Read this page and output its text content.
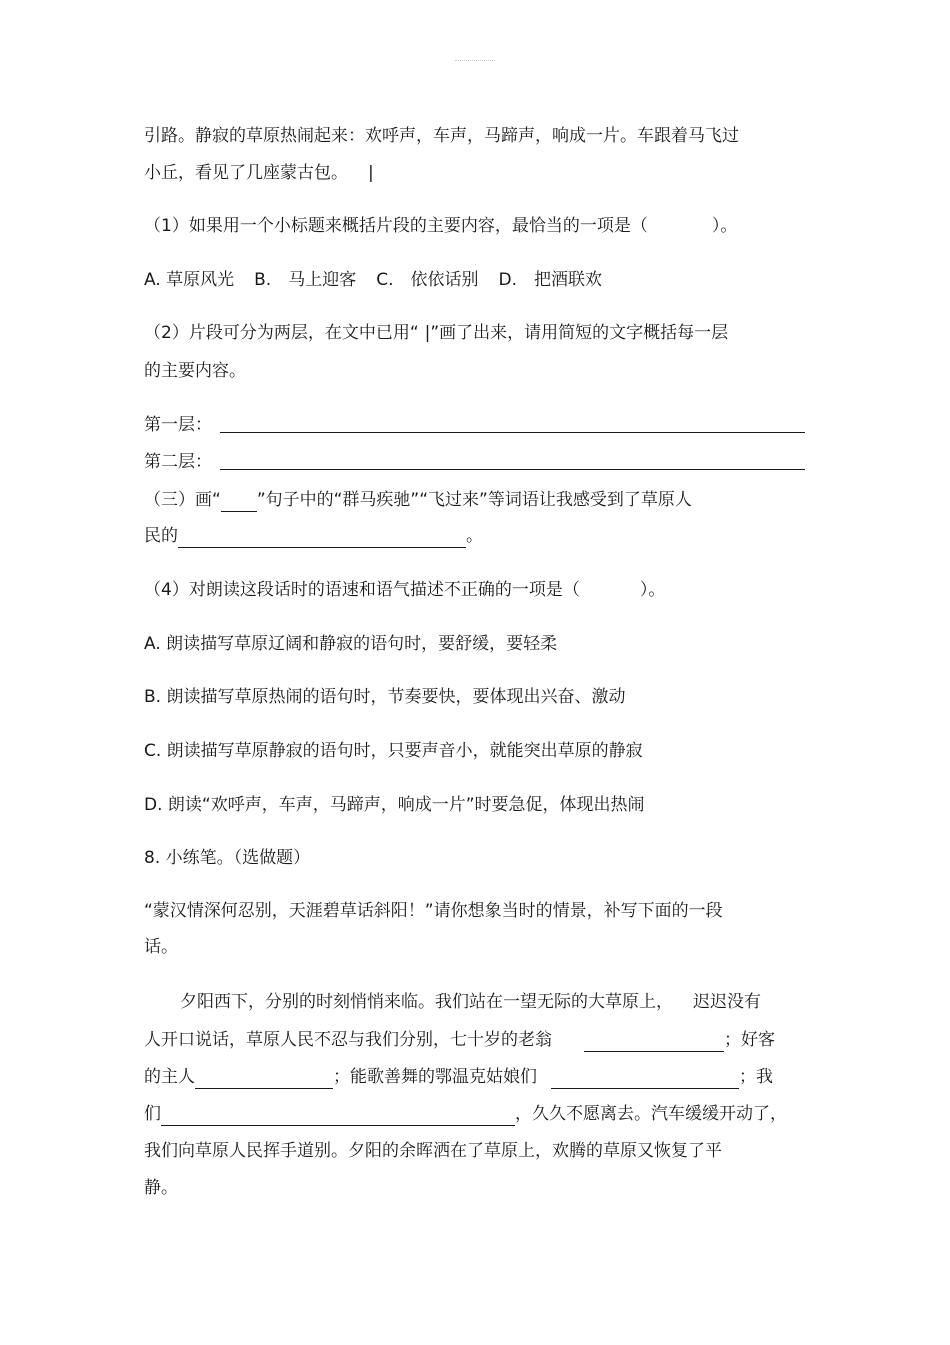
引路。静寂的草原热闹起来：欢呼声，车声，马蹄声，响成一片。车跟着马飞过
小丘，看见了几座蒙古包。 |
（1）如果用一个小标题来概括片段的主要内容，最恰当的一项是（	）。
A. 草原风光 B.　马上迎客 C.　依依话别 D.　把酒联欢
（2）片段可分为两层，在文中已用“ |”画了出来，请用简短的文字概括每一层
的主要内容。
第一层：
第二层：
（三）画“ ”句子中的“群马疾驰”“飞过来”等词语让我感受到了草原人
民的	。
（4）对朗读这段话时的语速和语气描述不正确的一项是（	）。
A. 朗读描写草原辽阔和静寂的语句时，要舒缓，要轻柔
B. 朗读描写草原热闹的语句时，节奏要快，要体现出兴奋、激动
C. 朗读描写草原静寂的语句时，只要声音小，就能突出草原的静寂
D. 朗读“欢呼声，车声，马蹄声，响成一片”时要急促，体现出热闹
8. 小练笔。（选做题）
“蒙汉情深何忍别，天涯碧草话斜阳！”请你想象当时的情景，补写下面的一段
话。
夕阳西下，分别的时刻悄悄来临。我们站在一望无际的大草原上， 迟迟没有
人开口说话，草原人民不忍与我们分别，七十岁的老翁	；好客
的主人	；能歌善舞的鄂温克姑娘们	；我
们	，久久不愿离去。汽车缓缓开动了，
我们向草原人民挥手道别。夕阳的余晖洒在了草原上，欢腾的草原又恢复了平
静。
